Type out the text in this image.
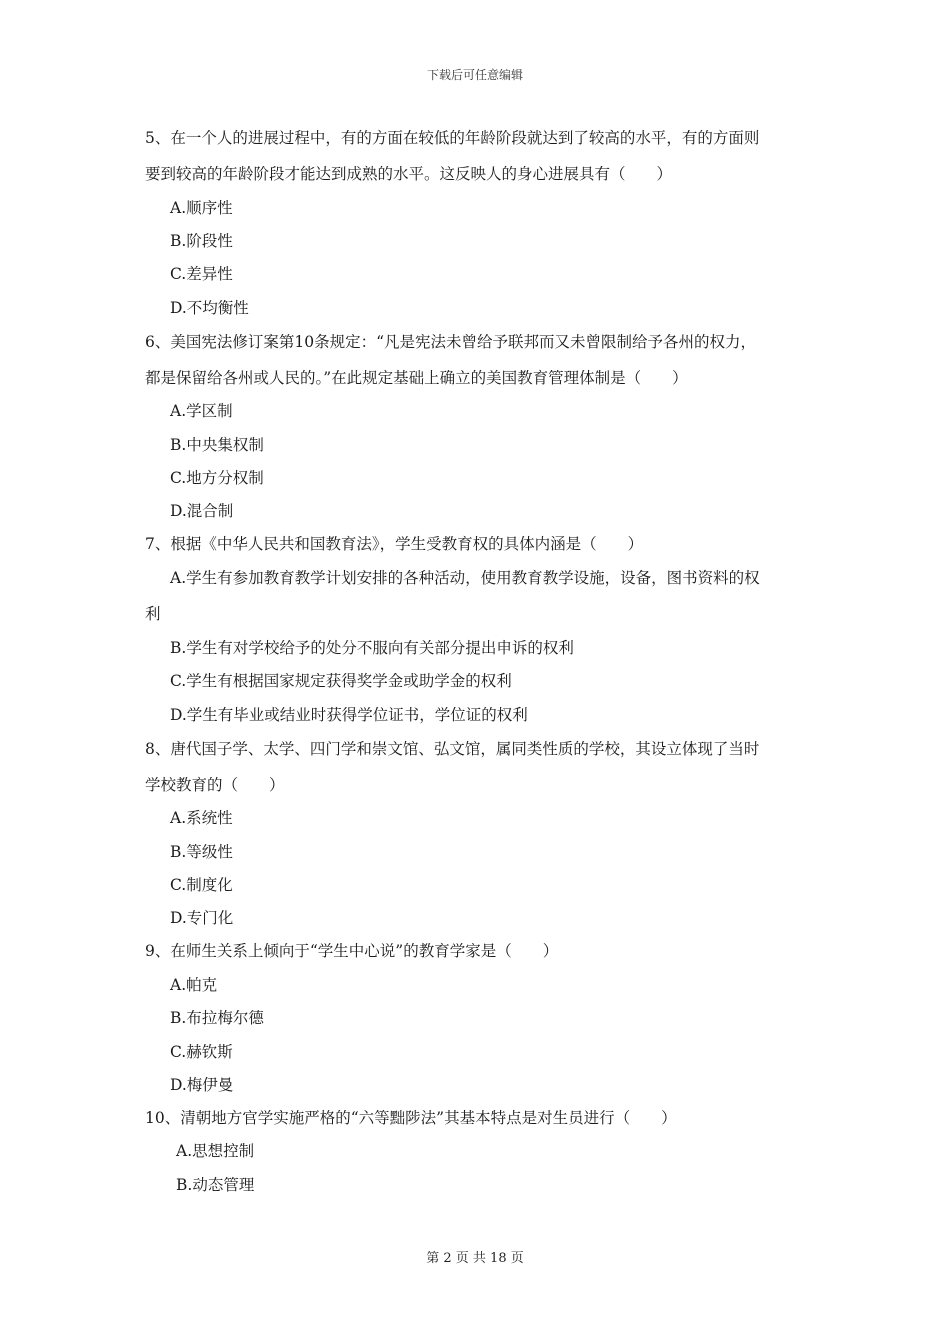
下载后可任意编辑
5、在一个人的进展过程中，有的方面在较低的年龄阶段就达到了较高的水平，有的方面则
要到较高的年龄阶段才能达到成熟的水平。这反映人的身心进展具有（　　）
A.顺序性
B.阶段性
C.差异性
D.不均衡性
6、美国宪法修订案第10条规定：“凡是宪法未曾给予联邦而又未曾限制给予各州的权力，
都是保留给各州或人民的。”在此规定基础上确立的美国教育管理体制是（　　）
A.学区制
B.中央集权制
C.地方分权制
D.混合制
7、根据《中华人民共和国教育法》，学生受教育权的具体内涵是（　　）
A.学生有参加教育教学计划安排的各种活动，使用教育教学设施，设备，图书资料的权
利
B.学生有对学校给予的处分不服向有关部分提出申诉的权利
C.学生有根据国家规定获得奖学金或助学金的权利
D.学生有毕业或结业时获得学位证书，学位证的权利
8、唐代国子学、太学、四门学和崇文馆、弘文馆，属同类性质的学校，其设立体现了当时
学校教育的（　　）
A.系统性
B.等级性
C.制度化
D.专门化
9、在师生关系上倾向于“学生中心说”的教育学家是（　　）
A.帕克
B.布拉梅尔德
C.赫钦斯
D.梅伊曼
10、清朝地方官学实施严格的“六等黜陟法”其基本特点是对生员进行（　　）
A.思想控制
B.动态管理
第 2 页 共 18 页
